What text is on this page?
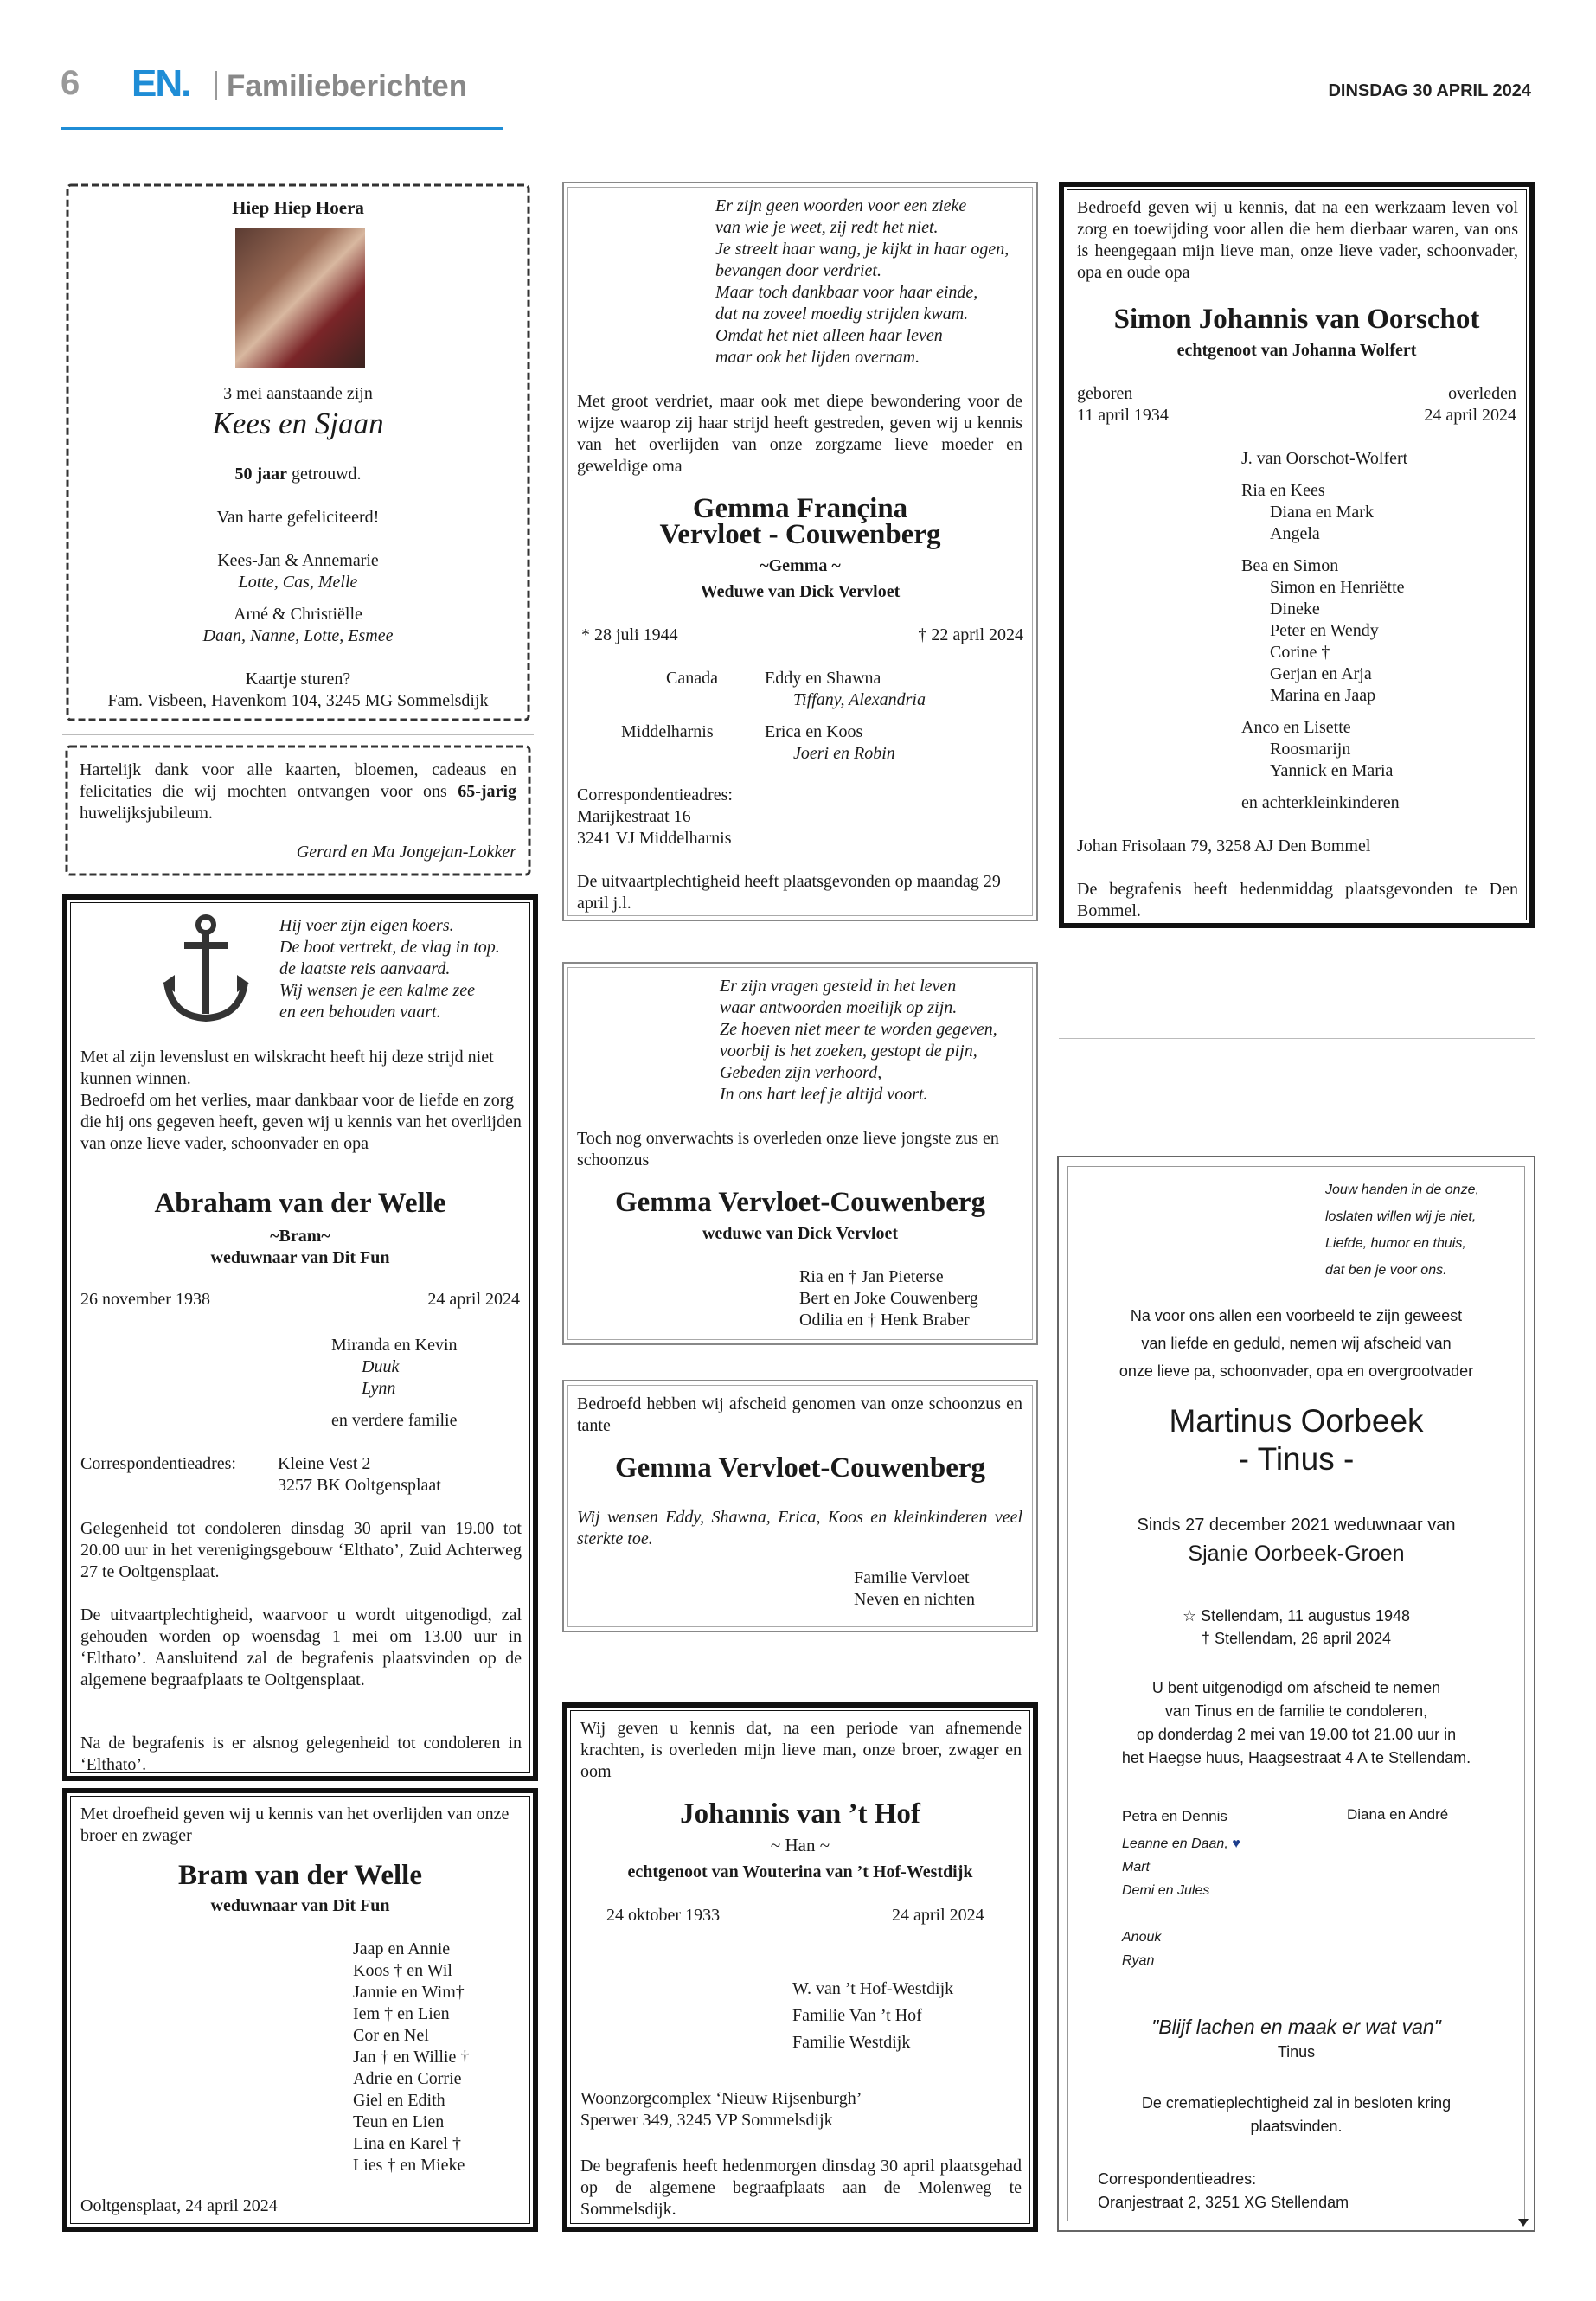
6 EN. Familieberichten	DINSDAG 30 APRIL 2024

Hiep Hiep Hoera

3 mei aanstaande zijn

Kees en Sjaan

50 jaar getrouwd.

Van harte gefeliciteerd!

Kees-Jan & Annemarie

Lotte, Cas, Melle

Arné & Christiëlle

Daan, Nanne, Lotte, Esmee

Kaartje sturen?

Fam. Visbeen, Havenkom 104, 3245 MG Sommelsdijk

Hartelijk dank voor alle kaarten, bloemen, cadeaus en felicitaties die wij mochten ontvangen voor ons 65-jarig huwelijksjubileum.

Gerard en Ma Jongejan-Lokker

Hij voer zijn eigen koers.

De boot vertrekt, de vlag in top.

de laatste reis aanvaard.

Wij wensen je een kalme zee

en een behouden vaart.

Met al zijn levenslust en wilskracht heeft hij deze strijd niet kunnen winnen.
Bedroefd om het verlies, maar dankbaar voor de liefde en zorg die hij ons gegeven heeft, geven wij u kennis van het overlijden van onze lieve vader, schoonvader en opa

Abraham van der Welle

~Bram~

weduwnaar van Dit Fun

26 november 1938	24 april 2024

Miranda en Kevin

Duuk

Lynn

en verdere familie

Correspondentieadres: Kleine Vest 2

3257 BK Ooltgensplaat

Gelegenheid tot condoleren dinsdag 30 april van 19.00 tot 20.00 uur in het verenigingsgebouw ‘Elthato’, Zuid Achterweg 27 te Ooltgensplaat.

De uitvaartplechtigheid, waarvoor u wordt uitgenodigd, zal gehouden worden op woensdag 1 mei om 13.00 uur in ‘Elthato’. Aansluitend zal de begrafenis plaatsvinden op de algemene begraafplaats te Ooltgensplaat.

Na de begrafenis is er alsnog gelegenheid tot condoleren in ‘Elthato’.

Met droefheid geven wij u kennis van het overlijden van onze broer en zwager

Bram van der Welle

weduwnaar van Dit Fun

Jaap en Annie

Koos † en Wil

Jannie en Wim†

Iem † en Lien

Cor en Nel

Jan † en Willie †

Adrie en Corrie

Giel en Edith

Teun en Lien

Lina en Karel †

Lies † en Mieke

Ooltgensplaat, 24 april 2024

Er zijn geen woorden voor een zieke

van wie je weet, zij redt het niet.

Je streelt haar wang, je kijkt in haar ogen,

bevangen door verdriet.

Maar toch dankbaar voor haar einde,

dat na zoveel moedig strijden kwam.

Omdat het niet alleen haar leven

maar ook het lijden overnam.

Met groot verdriet, maar ook met diepe bewondering voor de wijze waarop zij haar strijd heeft gestreden, geven wij u kennis van het overlijden van onze zorgzame lieve moeder en geweldige oma

Gemma Françina

Vervloet - Couwenberg

~Gemma ~

Weduwe van Dick Vervloet

* 28 juli 1944	† 22 april 2024

Canada	Eddy en Shawna

Tiffany, Alexandria

Middelharnis	Erica en Koos

Joeri en Robin

Correspondentieadres:

Marijkestraat 16

3241 VJ Middelharnis

De uitvaartplechtigheid heeft plaatsgevonden op maandag 29 april j.l.

Er zijn vragen gesteld in het leven

waar antwoorden moeilijk op zijn.

Ze hoeven niet meer te worden gegeven,

voorbij is het zoeken, gestopt de pijn,

Gebeden zijn verhoord,

In ons hart leef je altijd voort.

Toch nog onverwachts is overleden onze lieve jongste zus en schoonzus

Gemma Vervloet-Couwenberg

weduwe van Dick Vervloet

Ria en † Jan Pieterse

Bert en Joke Couwenberg

Odilia en † Henk Braber

Bedroefd hebben wij afscheid genomen van onze schoonzus en tante

Gemma Vervloet-Couwenberg

Wij wensen Eddy, Shawna, Erica, Koos en kleinkinderen veel sterkte toe.

Familie Vervloet

Neven en nichten

Wij geven u kennis dat, na een periode van afnemende krachten, is overleden mijn lieve man, onze broer, zwager en oom

Johannis van ’t Hof

~ Han ~

echtgenoot van Wouterina van ’t Hof-Westdijk

24 oktober 1933	24 april 2024

W. van ’t Hof-Westdijk

Familie Van ’t Hof

Familie Westdijk

Woonzorgcomplex ‘Nieuw Rijsenburgh’

Sperwer 349, 3245 VP Sommelsdijk

De begrafenis heeft hedenmorgen dinsdag 30 april plaatsgehad op de algemene begraafplaats aan de Molenweg te Sommelsdijk.

Bedroefd geven wij u kennis, dat na een werkzaam leven vol zorg en toewijding voor allen die hem dierbaar waren, van ons is heengegaan mijn lieve man, onze lieve vader, schoonvader, opa en oude opa

Simon Johannis van Oorschot

echtgenoot van Johanna Wolfert

geboren

11 april 1934

overleden

24 april 2024

J. van Oorschot-Wolfert

Ria en Kees

Diana en Mark

Angela

Bea en Simon

Simon en Henriëtte

Dineke

Peter en Wendy

Corine †

Gerjan en Arja

Marina en Jaap

Anco en Lisette

Roosmarijn

Yannick en Maria

en achterkleinkinderen

Johan Frisolaan 79, 3258 AJ Den Bommel

De begrafenis heeft hedenmiddag plaatsgevonden te Den Bommel.

Jouw handen in de onze,

loslaten willen wij je niet,

Liefde, humor en thuis,

dat ben je voor ons.

Na voor ons allen een voorbeeld te zijn geweest

van liefde en geduld, nemen wij afscheid van

onze lieve pa, schoonvader, opa en overgrootvader

Martinus Oorbeek

- Tinus -

Sinds 27 december 2021 weduwnaar van

Sjanie Oorbeek-Groen

☆ Stellendam, 11 augustus 1948

† Stellendam, 26 april 2024

U bent uitgenodigd om afscheid te nemen

van Tinus en de familie te condoleren,

op donderdag 2 mei van 19.00 tot 21.00 uur in

het Haegse huus, Haagsestraat 4 A te Stellendam.

Petra en Dennis	Diana en André

Leanne en Daan, ♥

Mart

Demi en Jules

Anouk

Ryan

"Blijf lachen en maak er wat van"

Tinus

De crematieplechtigheid zal in besloten kring

plaatsvinden.

Correspondentieadres:

Oranjestraat 2, 3251 XG Stellendam
